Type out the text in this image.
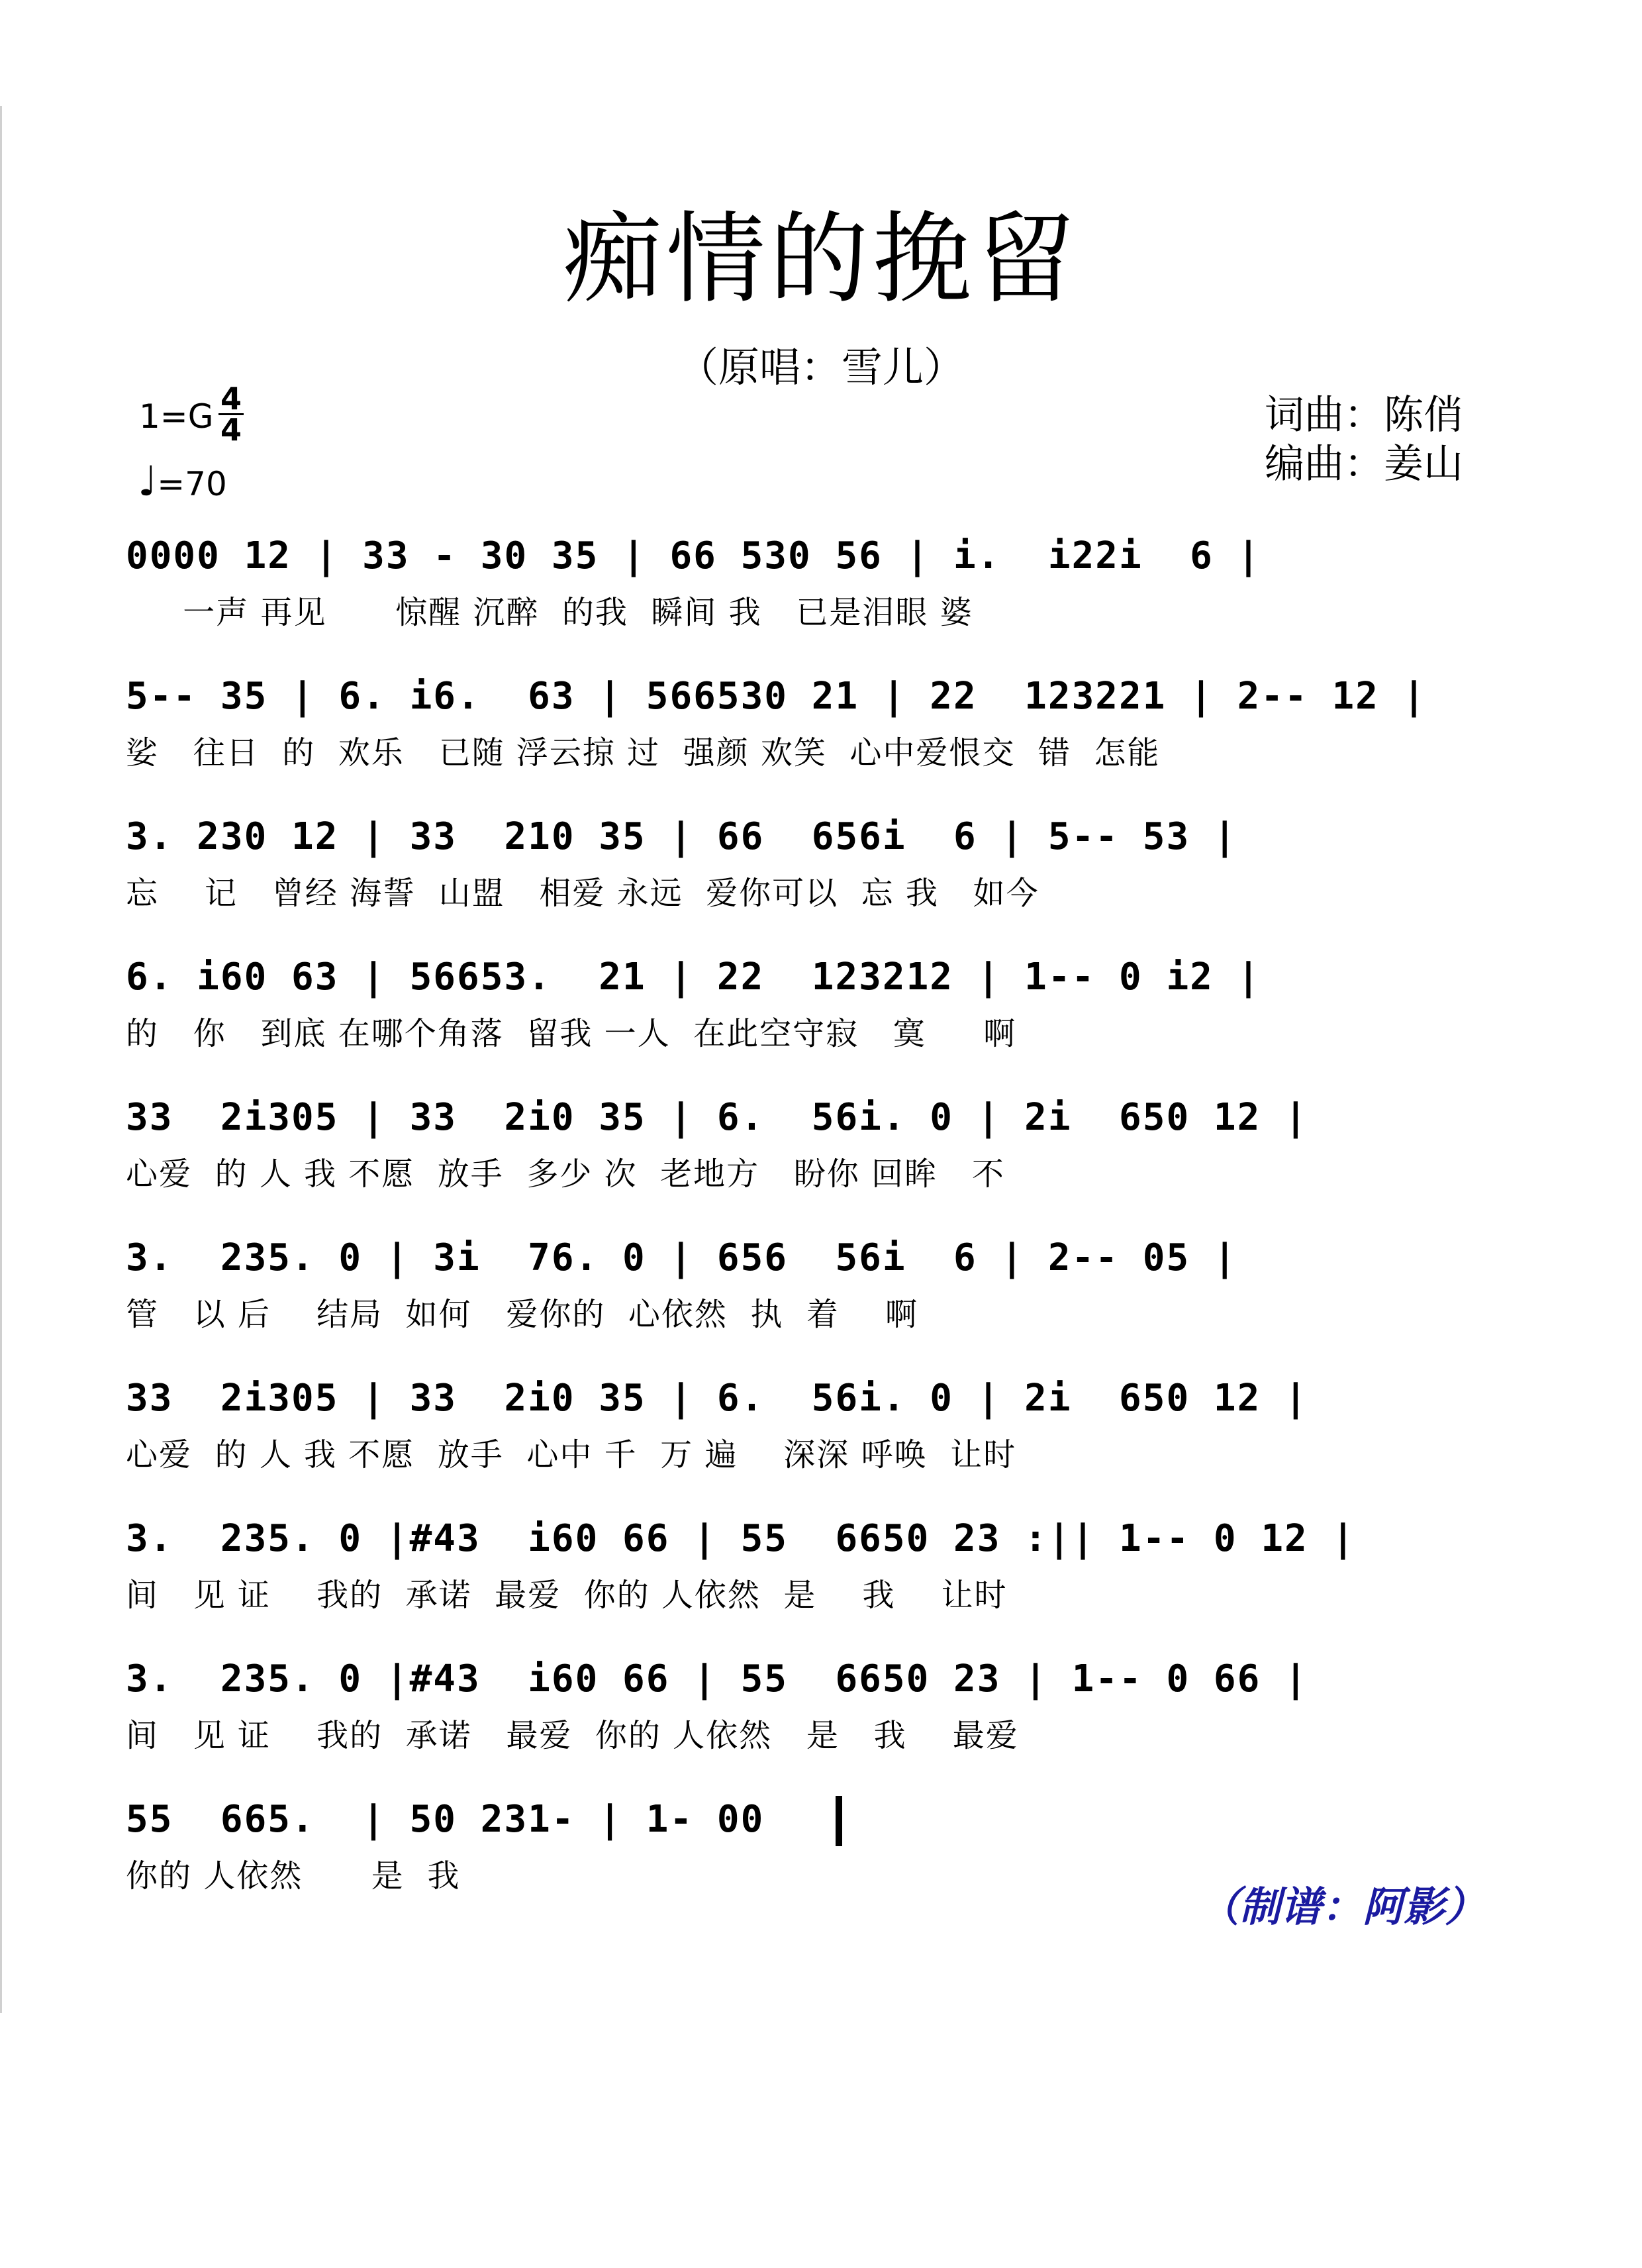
痴情的挽留
（原唱：雪儿）
1=G 4
4
♩=70
词曲：陈俏
编曲：姜山
0000 12 | 33 - 30 35 | 66 530 56 | i.  i22i  6 |
一声 再见      惊醒 沉醉  的我  瞬间 我   已是泪眼 婆
5-- 35 | 6. i6.  63 | 566530 21 | 22  123221 | 2-- 12 |
娑   往日  的  欢乐   已随 浮云掠 过  强颜 欢笑  心中爱恨交  错  怎能
3. 230 12 | 33  210 35 | 66  656i  6 | 5-- 53 |
忘    记   曾经 海誓  山盟   相爱 永远  爱你可以  忘 我   如今
6. i60 63 | 56653.  21 | 22  123212 | 1-- 0 i2 |
的   你   到底 在哪个角落  留我 一人  在此空守寂   寞     啊
33  2i305 | 33  2i0 35 | 6.  56i. 0 | 2i  650 12 |
心爱  的 人 我 不愿  放手  多少 次  老地方   盼你 回眸   不
3.  235. 0 | 3i  76. 0 | 656  56i  6 | 2-- 05 |
管   以 后    结局  如何   爱你的  心依然  执  着    啊
33  2i305 | 33  2i0 35 | 6.  56i. 0 | 2i  650 12 |
心爱  的 人 我 不愿  放手  心中 千  万 遍    深深 呼唤  让时
3.  235. 0 |#43  i60 66 | 55  6650 23 :|| 1-- 0 12 |
间   见 证    我的  承诺  最爱  你的 人依然  是    我    让时
3.  235. 0 |#43  i60 66 | 55  6650 23 | 1-- 0 66 |
间   见 证    我的  承诺   最爱  你的 人依然   是   我    最爱
55  665.  | 50 231- | 1- 00
你的 人依然      是  我
（制谱：阿影）
